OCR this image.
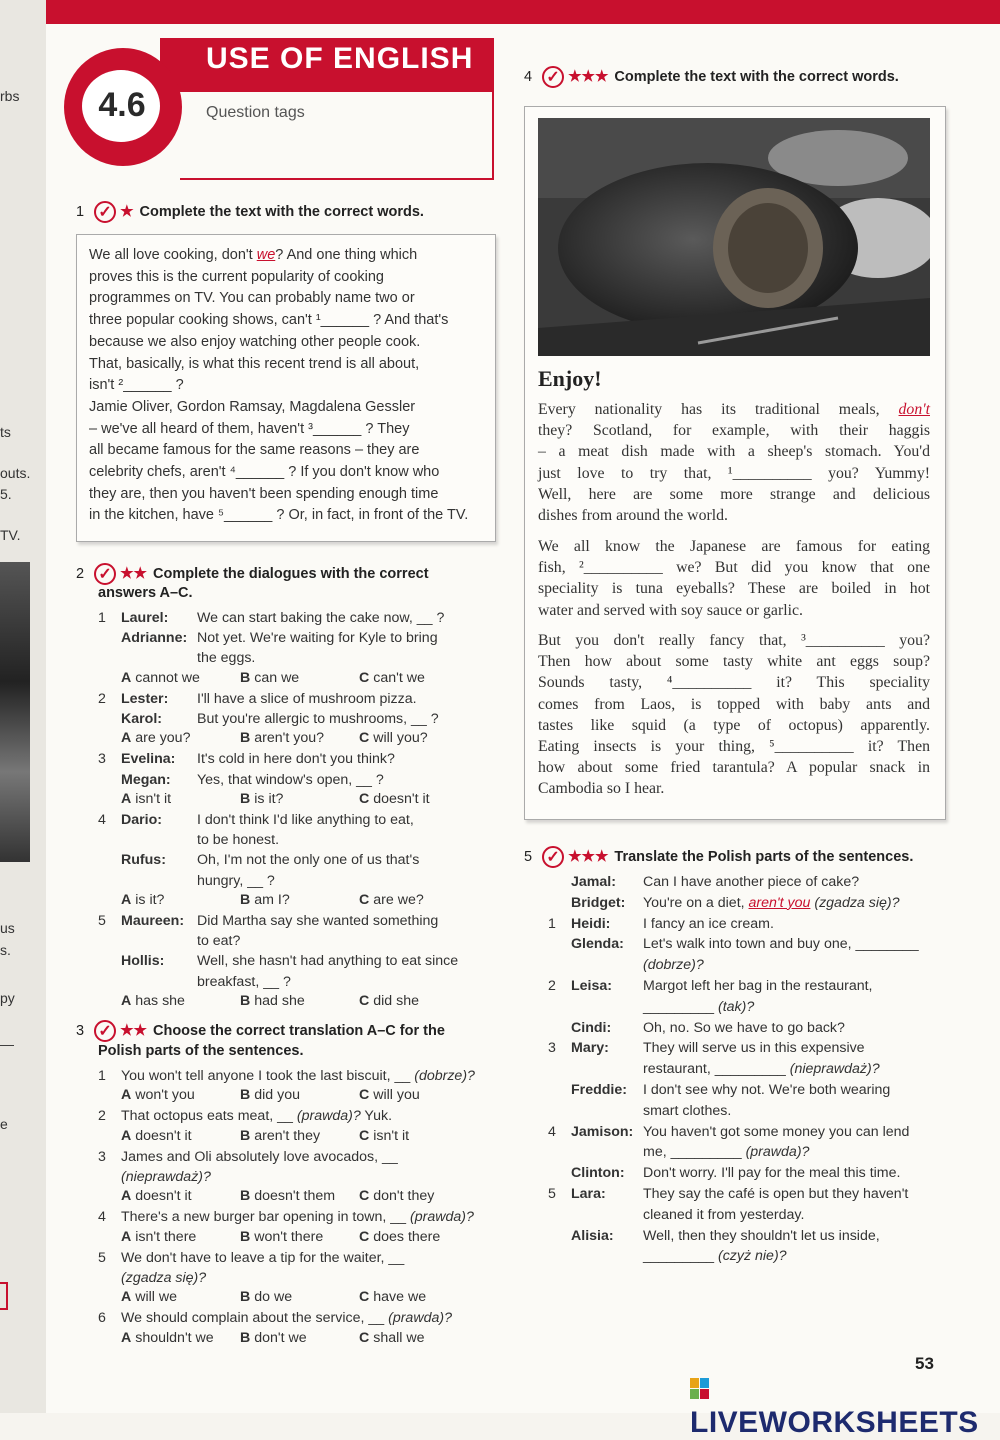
rbs
ts
outs.
5.
TV.
us
s.
py
—
e
USE OF ENGLISH
4.6	Question tags
1 ✓ ★ Complete the text with the correct words.
We all love cooking, don't we? And one thing which
proves this is the current popularity of cooking
programmes on TV. You can probably name two or
three popular cooking shows, can't ¹______ ? And that's
because we also enjoy watching other people cook.
That, basically, is what this recent trend is all about,
isn't ²______ ?
Jamie Oliver, Gordon Ramsay, Magdalena Gessler
– we've all heard of them, haven't ³______ ? They
all became famous for the same reasons – they are
celebrity chefs, aren't ⁴______ ? If you don't know who
they are, then you haven't been spending enough time
in the kitchen, have ⁵______ ? Or, in fact, in front of the TV.
2 ✓ ★★ Complete the dialogues with the correct
answers A–C.
1 Laurel: We can start baking the cake now, __ ?
Adrianne: Not yet. We're waiting for Kyle to bring
the eggs.
A cannot we	B can we	C can't we
2 Lester: I'll have a slice of mushroom pizza.
Karol: But you're allergic to mushrooms, __ ?
A are you?	B aren't you? C will you?
3 Evelina: It's cold in here don't you think?
Megan: Yes, that window's open, __ ?
A isn't it	B is it?	C doesn't it
4 Dario: I don't think I'd like anything to eat,
to be honest.
Rufus: Oh, I'm not the only one of us that's
hungry, __ ?
A is it?	B am I?	C are we?
5 Maureen: Did Martha say she wanted something
to eat?
Hollis: Well, she hasn't had anything to eat since
breakfast, __ ?
A has she	B had she	C did she
3 ✓ ★★ Choose the correct translation A–C for the
Polish parts of the sentences.
1 You won't tell anyone I took the last biscuit, __ (dobrze)?
A won't you	B did you	C will you
2 That octopus eats meat, __ (prawda)? Yuk.
A doesn't it	B aren't they	C isn't it
3 James and Oli absolutely love avocados, __
(nieprawdaż)?
A doesn't it	B doesn't them C don't they
4 There's a new burger bar opening in town, __ (prawda)?
A isn't there	B won't there	C does there
5 We don't have to leave a tip for the waiter, __
(zgadza się)?
A will we	B do we	C have we
6 We should complain about the service, __ (prawda)?
A shouldn't we B don't we	C shall we
4 ✓ ★★★ Complete the text with the correct words.
Enjoy!
Every nationality has its traditional meals, don't
they? Scotland, for example, with their haggis
– a meat dish made with a sheep's stomach. You'd
just love to try that, ¹__________ you? Yummy!
Well, here are some more strange and delicious
dishes from around the world.
We all know the Japanese are famous for eating
fish, ²__________ we? But did you know that one
speciality is tuna eyeballs? These are boiled in hot
water and served with soy sauce or garlic.
But you don't really fancy that, ³__________ you?
Then how about some tasty white ant eggs soup?
Sounds tasty, ⁴__________ it? This speciality
comes from Laos, is topped with baby ants and
tastes like squid (a type of octopus) apparently.
Eating insects is your thing, ⁵__________ it? Then
how about some fried tarantula? A popular snack in
Cambodia so I hear.
5 ✓ ★★★ Translate the Polish parts of the sentences.
Jamal: Can I have another piece of cake?
Bridget: You're on a diet, aren't you (zgadza się)?
1 Heidi: I fancy an ice cream.
Glenda: Let's walk into town and buy one, ________
(dobrze)?
2 Leisa: Margot left her bag in the restaurant,
_________ (tak)?
Cindi: Oh, no. So we have to go back?
3 Mary: They will serve us in this expensive
restaurant, _________ (nieprawdaż)?
Freddie: I don't see why not. We're both wearing
smart clothes.
4 Jamison: You haven't got some money you can lend
me, _________ (prawda)?
Clinton: Don't worry. I'll pay for the meal this time.
5 Lara:	They say the café is open but they haven't
cleaned it from yesterday.
Alisia: Well, then they shouldn't let us inside,
_________ (czyż nie)?
53
LIVEWORKSHEETS
